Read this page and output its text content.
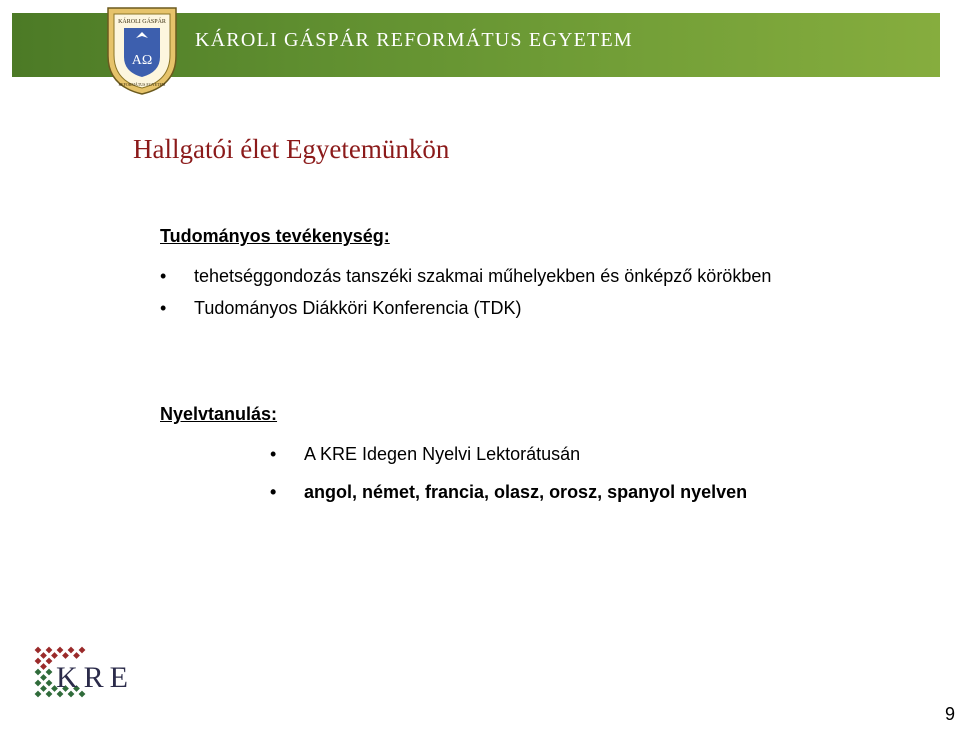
KÁROLI GÁSPÁR REFORMÁTUS EGYETEM
AΩ
KÁROLI GÁSPÁR
REFORMÁTUS EGYETEM
Hallgatói élet Egyetemünkön
Tudományos tevékenység:
• tehetséggondozás tanszéki szakmai műhelyekben és önképző körökben
• Tudományos Diákköri Konferencia (TDK)
Nyelvtanulás:
• A KRE Idegen Nyelvi Lektorátusán
• angol, német, francia, olasz, orosz, spanyol nyelven
KRE
9
